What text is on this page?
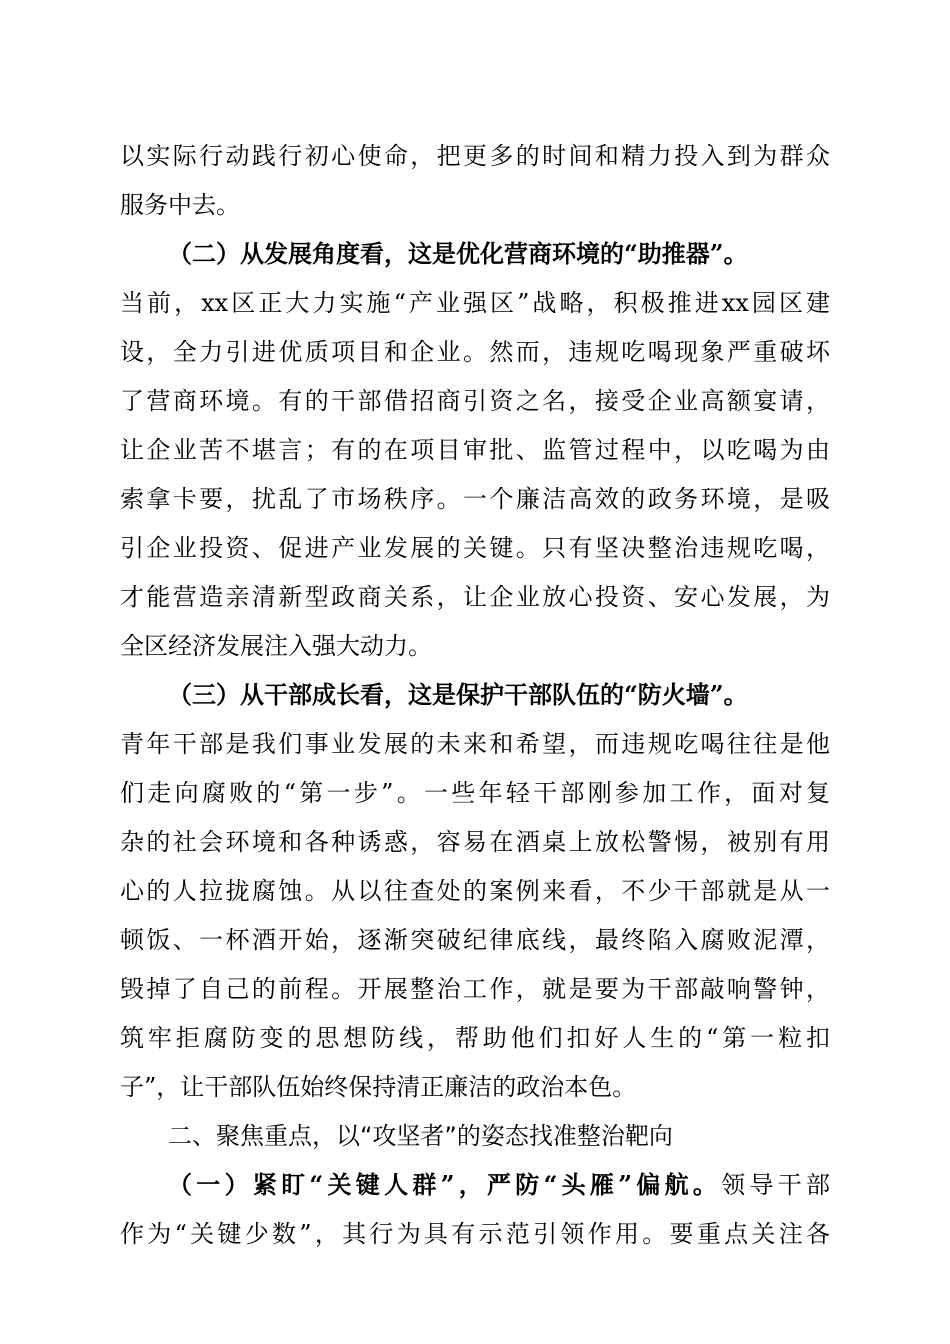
以实际行动践行初心使命，把更多的时间和精力投入到为群众
服务中去。
（二）从发展角度看，这是优化营商环境的“助推器”。
当前，xx区正大力实施“产业强区”战略，积极推进xx园区建
设，全力引进优质项目和企业。然而，违规吃喝现象严重破坏
了营商环境。有的干部借招商引资之名，接受企业高额宴请，
让企业苦不堪言；有的在项目审批、监管过程中，以吃喝为由
索拿卡要，扰乱了市场秩序。一个廉洁高效的政务环境，是吸
引企业投资、促进产业发展的关键。只有坚决整治违规吃喝，
才能营造亲清新型政商关系，让企业放心投资、安心发展，为
全区经济发展注入强大动力。
（三）从干部成长看，这是保护干部队伍的“防火墙”。
青年干部是我们事业发展的未来和希望，而违规吃喝往往是他
们走向腐败的“第一步”。一些年轻干部刚参加工作，面对复
杂的社会环境和各种诱惑，容易在酒桌上放松警惕，被别有用
心的人拉拢腐蚀。从以往查处的案例来看，不少干部就是从一
顿饭、一杯酒开始，逐渐突破纪律底线，最终陷入腐败泥潭，
毁掉了自己的前程。开展整治工作，就是要为干部敲响警钟，
筑牢拒腐防变的思想防线，帮助他们扣好人生的“第一粒扣
子”，让干部队伍始终保持清正廉洁的政治本色。
二、聚焦重点，以“攻坚者”的姿态找准整治靶向
（一）紧盯“关键人群”，严防“头雁”偏航。领导干部
作为“关键少数”，其行为具有示范引领作用。要重点关注各
